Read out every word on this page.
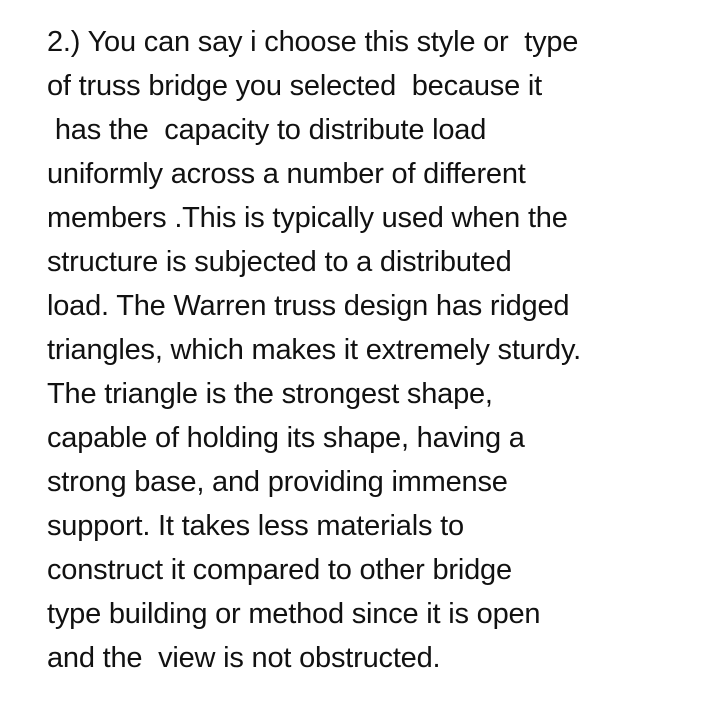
2.) You can say i choose this style or  type
of truss bridge you selected  because it
has the  capacity to distribute load
uniformly across a number of different
members .This is typically used when the
structure is subjected to a distributed
load. The Warren truss design has ridged
triangles, which makes it extremely sturdy.
The triangle is the strongest shape,
capable of holding its shape, having a
strong base, and providing immense
support. It takes less materials to
construct it compared to other bridge
type building or method since it is open
and the  view is not obstructed.
